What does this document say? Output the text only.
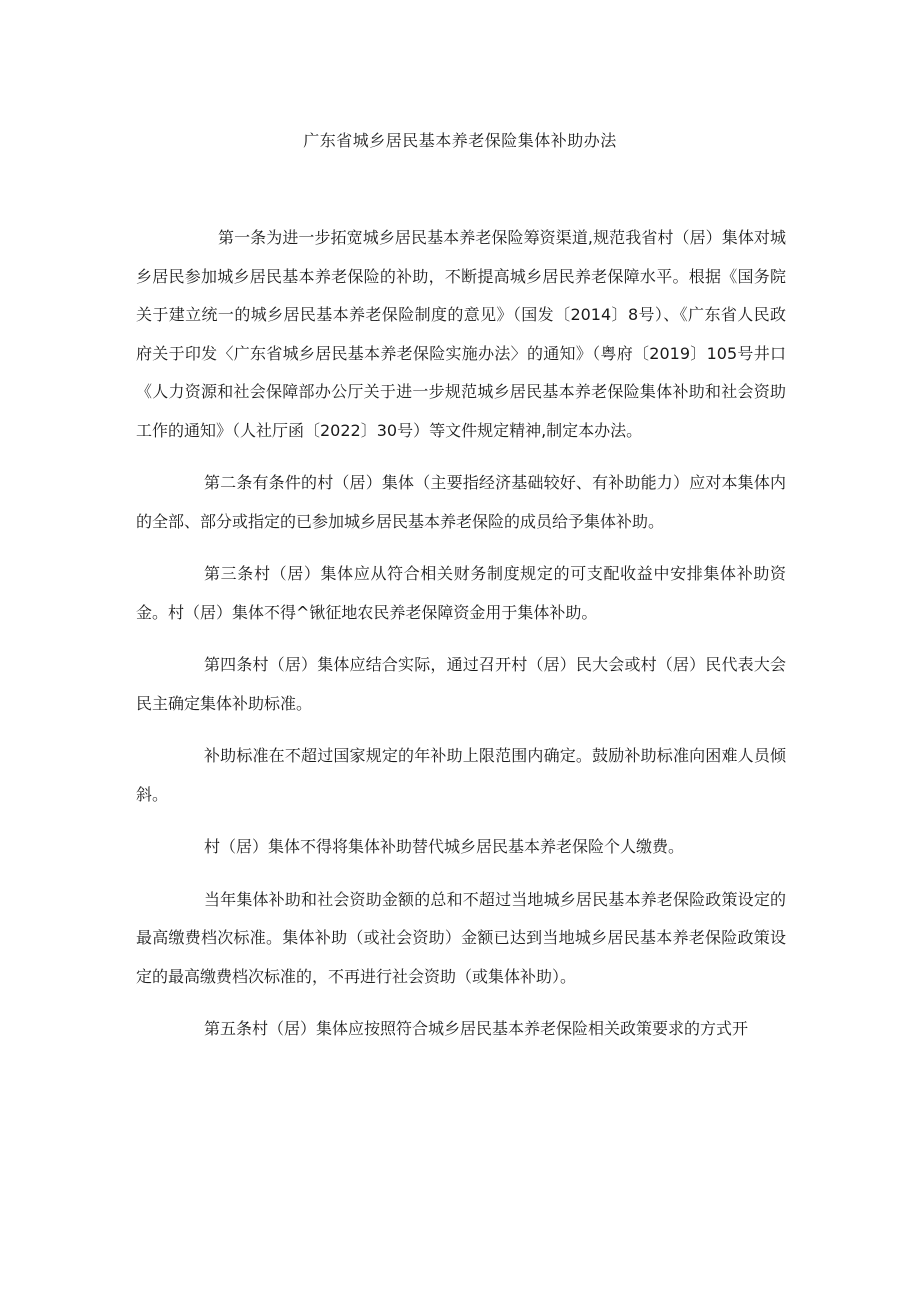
广东省城乡居民基本养老保险集体补助办法

第一条为进一步拓宽城乡居民基本养老保险筹资渠道,规范我省村（居）集体对城乡居民参加城乡居民基本养老保险的补助，不断提高城乡居民养老保障水平。根据《国务院关于建立统一的城乡居民基本养老保险制度的意见》（国发〔2014〕8号）、《广东省人民政府关于印发〈广东省城乡居民基本养老保险实施办法〉的通知》（粤府〔2019〕105号井口《人力资源和社会保障部办公厅关于进一步规范城乡居民基本养老保险集体补助和社会资助工作的通知》（人社厅函〔2022〕30号）等文件规定精神,制定本办法。

第二条有条件的村（居）集体（主要指经济基础较好、有补助能力）应对本集体内的全部、部分或指定的已参加城乡居民基本养老保险的成员给予集体补助。

第三条村（居）集体应从符合相关财务制度规定的可支配收益中安排集体补助资金。村（居）集体不得^锹征地农民养老保障资金用于集体补助。

第四条村（居）集体应结合实际，通过召开村（居）民大会或村（居）民代表大会民主确定集体补助标准。

补助标准在不超过国家规定的年补助上限范围内确定。鼓励补助标准向困难人员倾斜。

村（居）集体不得将集体补助替代城乡居民基本养老保险个人缴费。

当年集体补助和社会资助金额的总和不超过当地城乡居民基本养老保险政策设定的最高缴费档次标准。集体补助（或社会资助）金额已达到当地城乡居民基本养老保险政策设定的最高缴费档次标准的，不再进行社会资助（或集体补助）。

第五条村（居）集体应按照符合城乡居民基本养老保险相关政策要求的方式开
